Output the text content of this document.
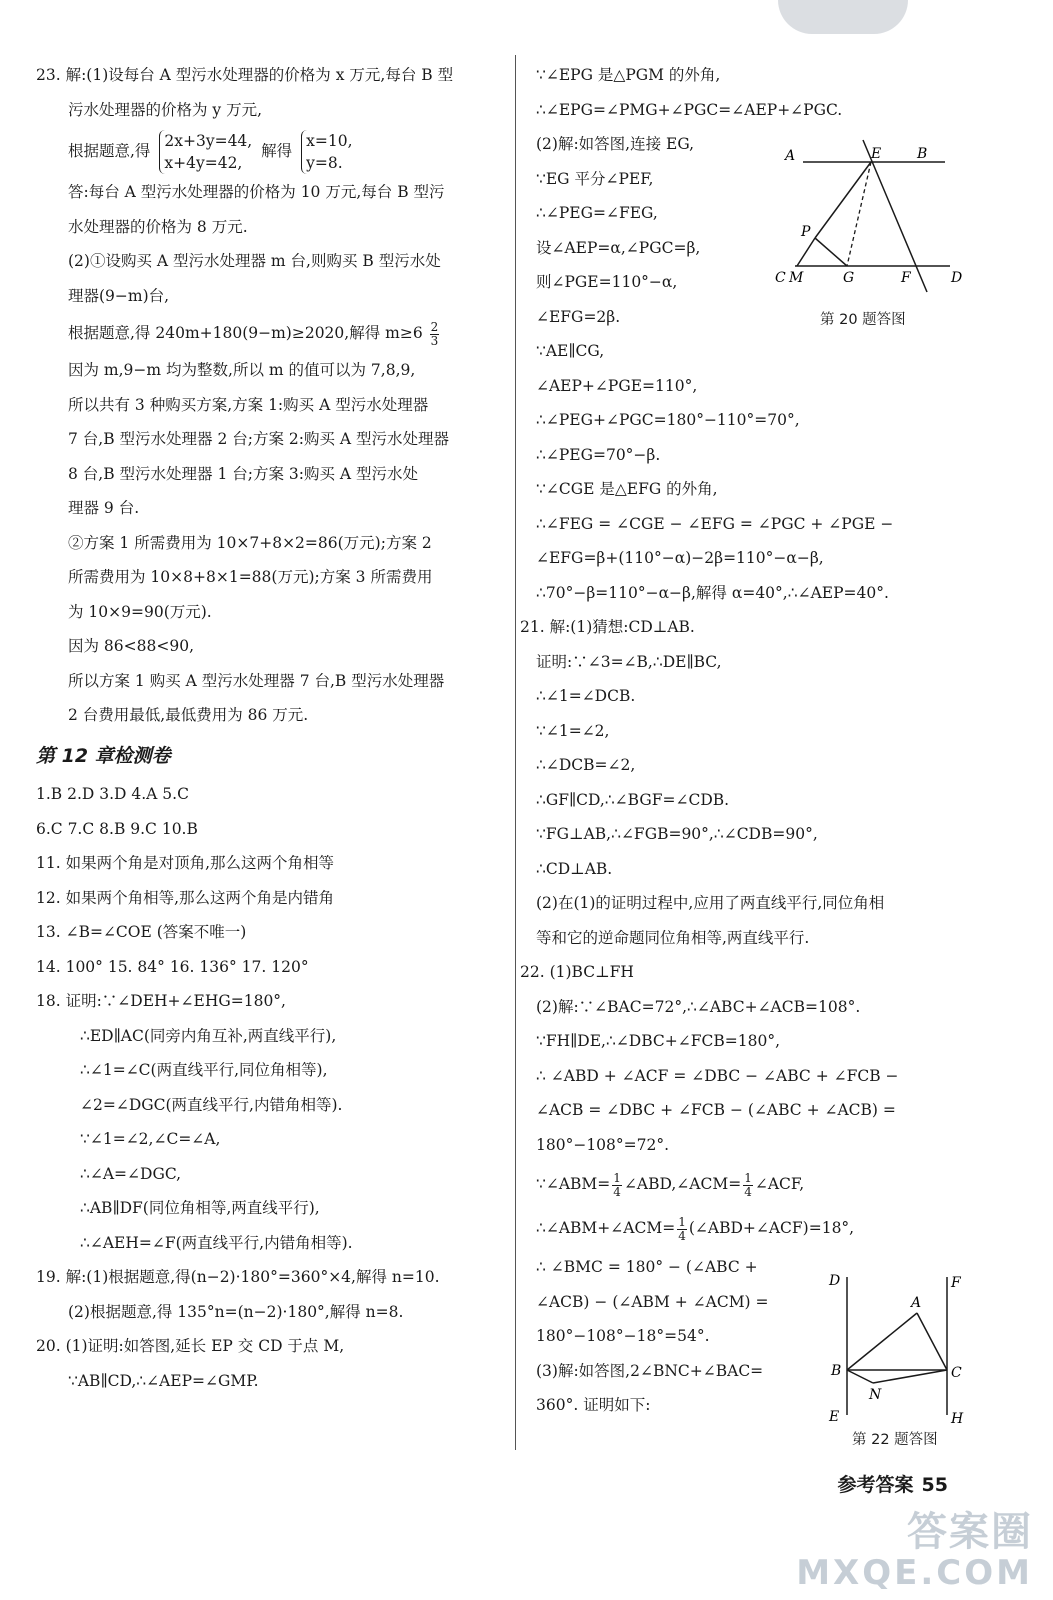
23. 解:(1)设每台 A 型污水处理器的价格为 x 万元,每台 B 型
污水处理器的价格为 y 万元,
根据题意,得
2x+3y=44,
x+4y=42,
解得
x=10,
y=8.
答:每台 A 型污水处理器的价格为 10 万元,每台 B 型污
水处理器的价格为 8 万元.
(2)①设购买 A 型污水处理器 m 台,则购买 B 型污水处
理器(9−m)台,
根据题意,得 240m+180(9−m)≥2020,解得 $m\ge 6 \frac{2}{3}$
因为 m,9−m 均为整数,所以 m 的值可以为 7,8,9,
所以共有 3 种购买方案,方案 1:购买 A 型污水处理器
7 台,B 型污水处理器 2 台;方案 2:购买 A 型污水处理器
8 台,B 型污水处理器 1 台;方案 3:购买 A 型污水处
理器 9 台.
②方案 1 所需费用为 10×7+8×2=86(万元);方案 2
所需费用为 10×8+8×1=88(万元);方案 3 所需费用
为 10×9=90(万元).
因为 86<88<90,
所以方案 1 购买 A 型污水处理器 7 台,B 型污水处理器
2 台费用最低,最低费用为 86 万元.
第 12 章检测卷
1.B 2.D 3.D 4.A 5.C
6.C 7.C 8.B 9.C 10.B
11. 如果两个角是对顶角,那么这两个角相等
12. 如果两个角相等,那么这两个角是内错角
13. ∠B=∠COE (答案不唯一)
14. 100° 15. 84° 16. 136° 17. 120°
18. 证明:∵∠DEH+∠EHG=180°,
∴ED∥AC(同旁内角互补,两直线平行),
∴∠1=∠C(两直线平行,同位角相等),
∠2=∠DGC(两直线平行,内错角相等).
∵∠1=∠2,∠C=∠A,
∴∠A=∠DGC,
∴AB∥DF(同位角相等,两直线平行),
∴∠AEH=∠F(两直线平行,内错角相等).
19. 解:(1)根据题意,得(n−2)·180°=360°×4,解得 n=10.
(2)根据题意,得 135°n=(n−2)·180°,解得 n=8.
20. (1)证明:如答图,延长 EP 交 CD 于点 M,
∵AB∥CD,∴∠AEP=∠GMP.
∵∠EPG 是△PGM 的外角,
∴∠EPG=∠PMG+∠PGC=∠AEP+∠PGC.
(2)解:如答图,连接 EG,
∵EG 平分∠PEF,
∴∠PEG=∠FEG,
设∠AEP=α,∠PGC=β,
则∠PGE=110°−α,
∠EFG=2β.
∵AE∥CG,
∠AEP+∠PGE=110°,
∴∠PEG+∠PGC=180°−110°=70°,
∴∠PEG=70°−β.
∵∠CGE 是△EFG 的外角,
∴∠FEG = ∠CGE − ∠EFG = ∠PGC + ∠PGE −
∠EFG=β+(110°−α)−2β=110°−α−β,
∴70°−β=110°−α−β,解得 α=40°,∴∠AEP=40°.
21. 解:(1)猜想:CD⊥AB.
证明:∵∠3=∠B,∴DE∥BC,
∴∠1=∠DCB.
∵∠1=∠2,
∴∠DCB=∠2,
∴GF∥CD,∴∠BGF=∠CDB.
∵FG⊥AB,∴∠FGB=90°,∴∠CDB=90°,
∴CD⊥AB.
(2)在(1)的证明过程中,应用了两直线平行,同位角相
等和它的逆命题同位角相等,两直线平行.
22. (1)BC⊥FH
(2)解:∵∠BAC=72°,∴∠ABC+∠ACB=108°.
∵FH∥DE,∴∠DBC+∠FCB=180°,
∴ ∠ABD + ∠ACF = ∠DBC − ∠ABC + ∠FCB −
∠ACB = ∠DBC + ∠FCB − (∠ABC + ∠ACB) =
180°−108°=72°.
∵∠ABM= $\frac{1}{4}$ ∠ABD,∠ACM= $\frac{1}{4}$ ∠ACF,
∴∠ABM+∠ACM= $\frac{1}{4}$ (∠ABD+∠ACF)=18°,
∴ ∠BMC = 180° − (∠ABC +
∠ACB) − (∠ABM + ∠ACM) =
180°−108°−18°=54°.
(3)解:如答图,2∠BNC+∠BAC=
360°. 证明如下:
A	E	B
P
C M	G	F	D
第 20 题答图
D	F
A
B	C
N
E	H
第 22 题答图
参考答案 55
答案圈
MXQE.COM
